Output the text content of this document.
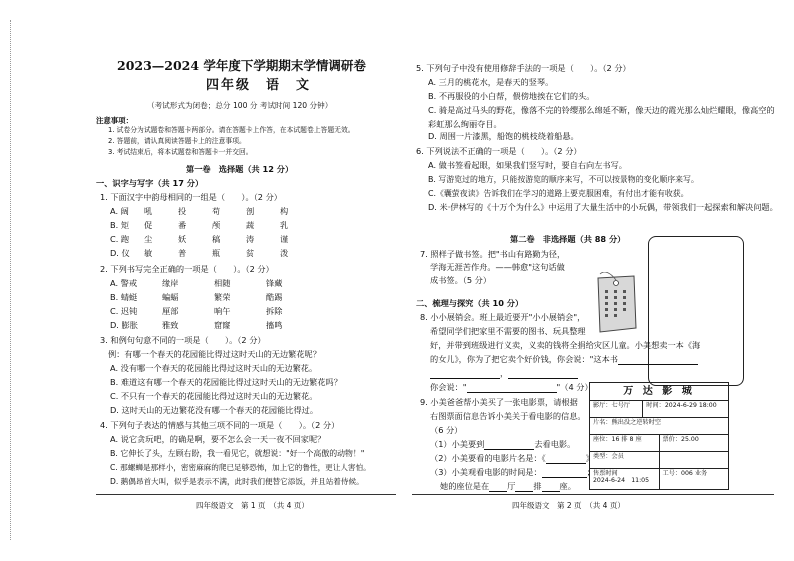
2023—2024 学年度下学期期末学情调研卷
四年级　语　文
（考试形式为闭卷；总分 100 分 考试时间 120 分钟）
注意事项：
1. 试卷分为试题卷和答题卡两部分。请在答题卡上作答，在本试题卷上答题无效。
2. 答题前，请认真阅读答题卡上的注意事项。
3. 考试结束后，将本试题卷和答题卡一并交回。
第一卷　选择题（共 12 分）
一、识字与写字（共 17 分）
1. 下面汉字中韵母相同的一组是（　　）。（2 分）
A. 阔	吼	投	苟	剖	构
B. 矩	促	番	颅	蔬	乳
C. 跑	尘	妖	稿	涛	谨
D. 仪	敏	普	瓶	贫	泼
2. 下列书写完全正确的一项是（　　）。（2 分）
A. 警戒	缘岸	相随	锋藏
B. 蜻蜓	蝙蝠	繁荣	酷踢
C. 迟钝	厘部	响午	拆除
D. 膨胀	雅致	窟窿	搐鸣
3. 和例句句意不同的一项是（　　）。（2 分）
例：有哪一个春天的花园能比得过这时天山的无边繁花呢？
A. 没有哪一个春天的花园能比得过这时天山的无边繁花。
B. 难道这有哪一个春天的花园能比得过这时天山的无边繁花吗？
C. 不只有一个春天的花园能比得过这时天山的无边繁花。
D. 这时天山的无边繁花没有哪一个春天的花园能比得过。
4. 下列句子表达的情感与其他三项不同的一项是（　　）。（2 分）
A. 说它贪玩吧，的确是啊，要不怎么会一天一夜不回家呢？
B. 它伸长了头，左顾右盼，我一看见它，就想说："好一个高傲的动物！"
C. 那螺蛳是那样小，密密麻麻的爬已足够恐怖，加上它的鲁性，更让人害怕。
D. 鹅偶昂首大叫，似乎是表示不满，此时我们便替它添饭，并且站着侍候。
四年级语文　第 1 页　（共 4 页）
5. 下列句子中没有使用修辞手法的一项是（　　）。（2 分）
A. 三月的桃花水，是春天的竖琴。
B. 不再服役的小白帮，偎傍地挨在它们的头。
C. 骑是高过马头的野花，像落不完的铃缨那么绵延不断，像天边的霞光那么灿烂耀眼，像高空的彩虹那么绚丽夺目。
D. 周围一片漆黑，船饱的桃枝绕着船悬。
6. 下列说法不正确的一项是（　　）。（2 分）
A. 做书签看起眼，如果我们竖写时，要自右向左书写。
B. 写游览过的地方，只能按游览的顺序来写，不可以按景物的变化顺序来写。
C.《囊萤夜读》告诉我们在学习的道路上要克服困难，有付出才能有收获。
D. 米·伊林写的《十万个为什么》中运用了大量生活中的小玩偶，带领我们一起探索和解决问题。
第二卷　非选择题（共 88 分）
7. 照样子做书签。把"书山有路勤为径，
学海无涯苦作舟。——韩愈"这句话做
成书签。（5 分）
书山有路勤为径 学海无涯苦作舟
二、梳理与探究（共 10 分）
8. 小小展销会。班上最近要开"小小展销会"，
希望同学们把家里不需要的图书、玩具整理
好，并带到班级进行义卖，义卖的钱将全捐给灾区儿童。小美想卖一本《海
的女儿》，你为了把它卖个好价钱，你会说："这本书
，
你会说："	"（4 分）
9. 小美爸爸帮小美买了一张电影票，请根据
右图票面信息告诉小美关于看电影的信息。
（6 分）
（1）小美要到	去看电影。
（2）小美要看的电影片名是：《	》
（3）小美观看电影的时间是：	；
她的座位是在 厅 排 座。
万 达 影 城
影厅：七号厅	时间：2024-6-29 18:00
片名：熊出没之逆转时空
座位：16 排 8 座	票价：25.00
类型：会员
售票时间
2024-6-24　11:05
工号：006 业务
四年级语文　第 2 页　（共 4 页）
